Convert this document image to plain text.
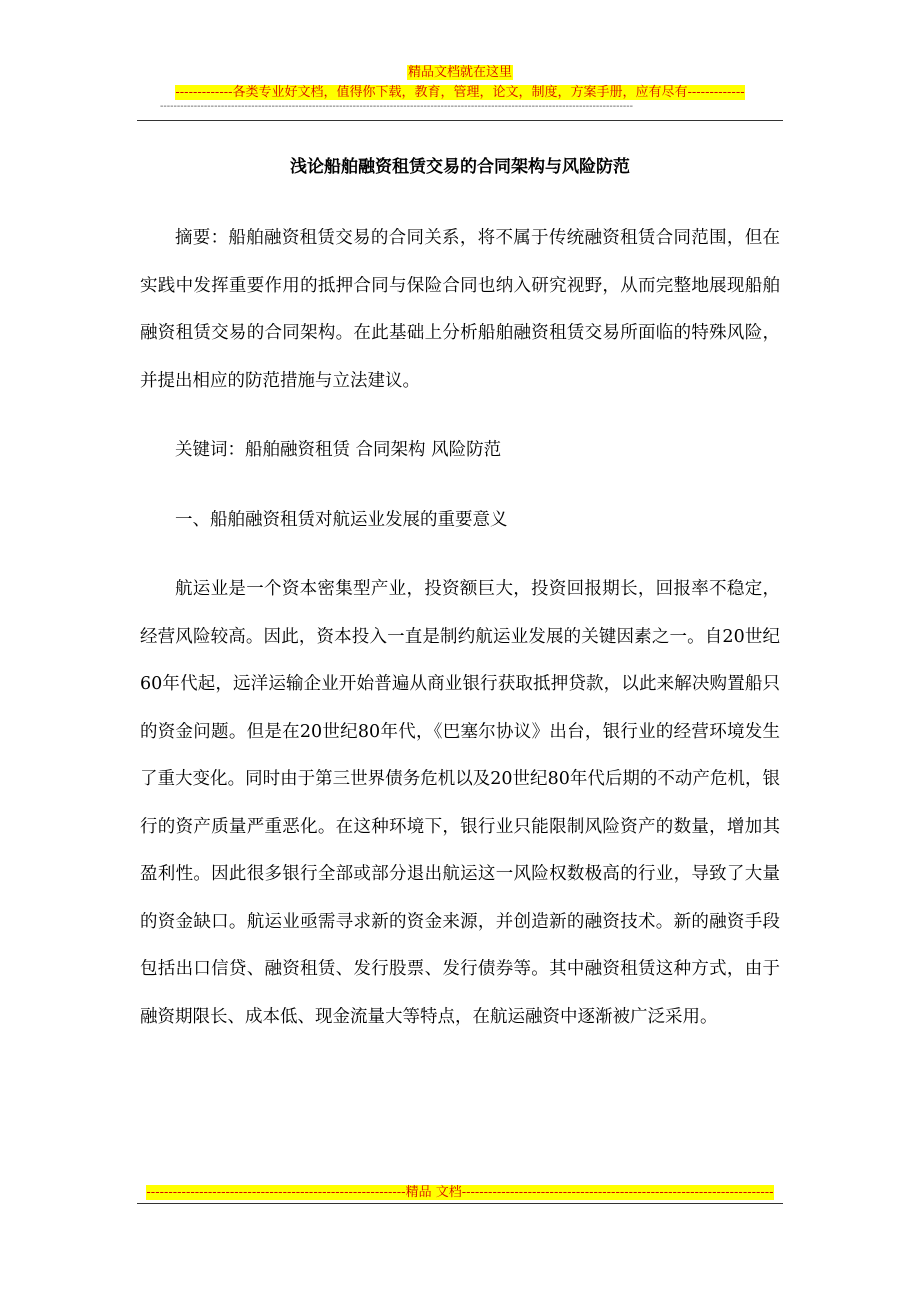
精品文档就在这里
-------------各类专业好文档，值得你下载，教育，管理，论文，制度，方案手册，应有尽有-------------
--------------------------------------------------------------------------------------------------------------------------------------------
浅论船舶融资租赁交易的合同架构与风险防范

摘要：船舶融资租赁交易的合同关系，将不属于传统融资租赁合同范围，但在实践中发挥重要作用的抵押合同与保险合同也纳入研究视野，从而完整地展现船舶融资租赁交易的合同架构。在此基础上分析船舶融资租赁交易所面临的特殊风险，并提出相应的防范措施与立法建议。

关键词：船舶融资租赁 合同架构 风险防范

一、船舶融资租赁对航运业发展的重要意义

航运业是一个资本密集型产业，投资额巨大，投资回报期长，回报率不稳定，经营风险较高。因此，资本投入一直是制约航运业发展的关键因素之一。自20世纪60年代起，远洋运输企业开始普遍从商业银行获取抵押贷款，以此来解决购置船只的资金问题。但是在20世纪80年代，《巴塞尔协议》出台，银行业的经营环境发生了重大变化。同时由于第三世界债务危机以及20世纪80年代后期的不动产危机，银行的资产质量严重恶化。在这种环境下，银行业只能限制风险资产的数量，增加其盈利性。因此很多银行全部或部分退出航运这一风险权数极高的行业，导致了大量的资金缺口。航运业亟需寻求新的资金来源，并创造新的融资技术。新的融资手段包括出口信贷、融资租赁、发行股票、发行债券等。其中融资租赁这种方式，由于融资期限长、成本低、现金流量大等特点，在航运融资中逐渐被广泛采用。

-----------------------------------------------------------精品 文档-----------------------------------------------------------------------
